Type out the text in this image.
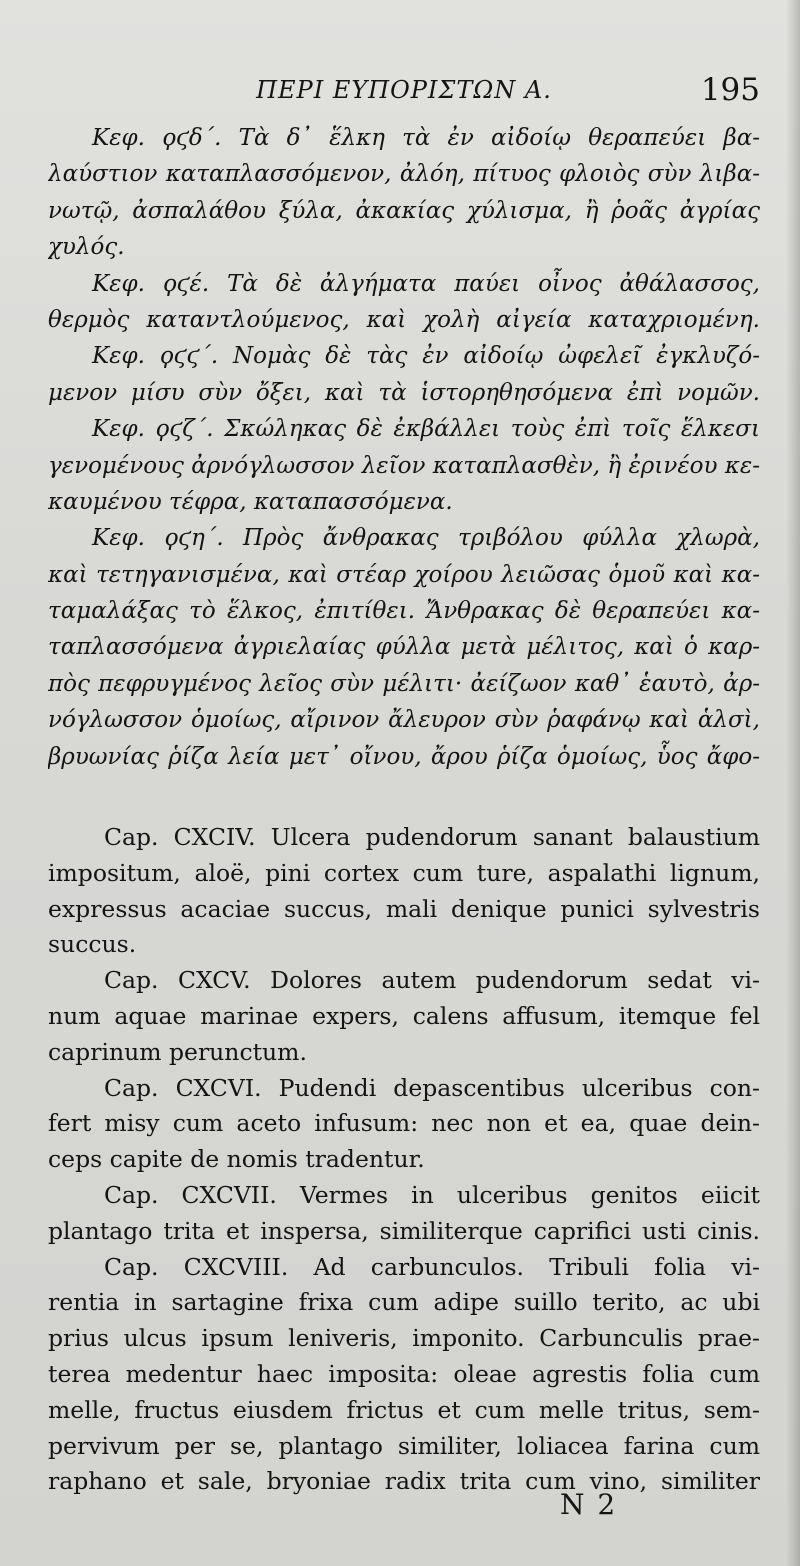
ΠΕΡΙ ΕΥΠΟΡΙΣΤΩΝ Α.	195
Κεφ. ϙϛδ΄. Τὰ δ᾽ ἕλκη τὰ ἐν αἰδοίῳ θεραπεύει βα-
λαύστιον καταπλασσόμενον, ἀλόη, πίτυος φλοιὸς σὺν λιβα-
νωτῷ, ἀσπαλάθου ξύλα, ἀκακίας χύλισμα, ἢ ῥοᾶς ἀγρίας
χυλός.
Κεφ. ϙϛέ. Τὰ δὲ ἀλγήματα παύει οἶνος ἀθάλασσος,
θερμὸς καταντλούμενος, καὶ χολὴ αἰγεία καταχριομένη.
Κεφ. ϙϛϛ΄. Νομὰς δὲ τὰς ἐν αἰδοίῳ ὠφελεῖ ἐγκλυζό-
μενον μίσυ σὺν ὄξει, καὶ τὰ ἱστορηθησόμενα ἐπὶ νομῶν.
Κεφ. ϙϛζ΄. Σκώληκας δὲ ἐκβάλλει τοὺς ἐπὶ τοῖς ἕλκεσι
γενομένους ἀρνόγλωσσον λεῖον καταπλασθὲν, ἢ ἐρινέου κε-
καυμένου τέφρα, καταπασσόμενα.
Κεφ. ϙϛη΄. Πρὸς ἄνθρακας τριβόλου φύλλα χλωρὰ,
καὶ τετηγανισμένα, καὶ στέαρ χοίρου λειῶσας ὁμοῦ καὶ κα-
ταμαλάξας τὸ ἕλκος, ἐπιτίθει. Ἄνθρακας δὲ θεραπεύει κα-
ταπλασσόμενα ἀγριελαίας φύλλα μετὰ μέλιτος, καὶ ὁ καρ-
πὸς πεφρυγμένος λεῖος σὺν μέλιτι· ἀείζωον καθ᾽ ἑαυτὸ, ἀρ-
νόγλωσσον ὁμοίως, αἴρινον ἄλευρον σὺν ῥαφάνῳ καὶ ἁλσὶ,
βρυωνίας ῥίζα λεία μετ᾽ οἴνου, ἄρου ῥίζα ὁμοίως, ὗος ἄφο-
Cap. CXCIV. Ulcera pudendorum sanant balaustium
impositum, aloë, pini cortex cum ture, aspalathi lignum,
expressus acaciae succus, mali denique punici sylvestris
succus.
Cap. CXCV. Dolores autem pudendorum sedat vi-
num aquae marinae expers, calens affusum, itemque fel
caprinum perunctum.
Cap. CXCVI. Pudendi depascentibus ulceribus con-
fert misy cum aceto infusum: nec non et ea, quae dein-
ceps capite de nomis tradentur.
Cap. CXCVII. Vermes in ulceribus genitos eiicit
plantago trita et inspersa, similiterque caprifici usti cinis.
Cap. CXCVIII. Ad carbunculos. Tribuli folia vi-
rentia in sartagine frixa cum adipe suillo terito, ac ubi
prius ulcus ipsum leniveris, imponito. Carbunculis prae-
terea medentur haec imposita: oleae agrestis folia cum
melle, fructus eiusdem frictus et cum melle tritus, sem-
pervivum per se, plantago similiter, loliacea farina cum
raphano et sale, bryoniae radix trita cum vino, similiter
N 2
